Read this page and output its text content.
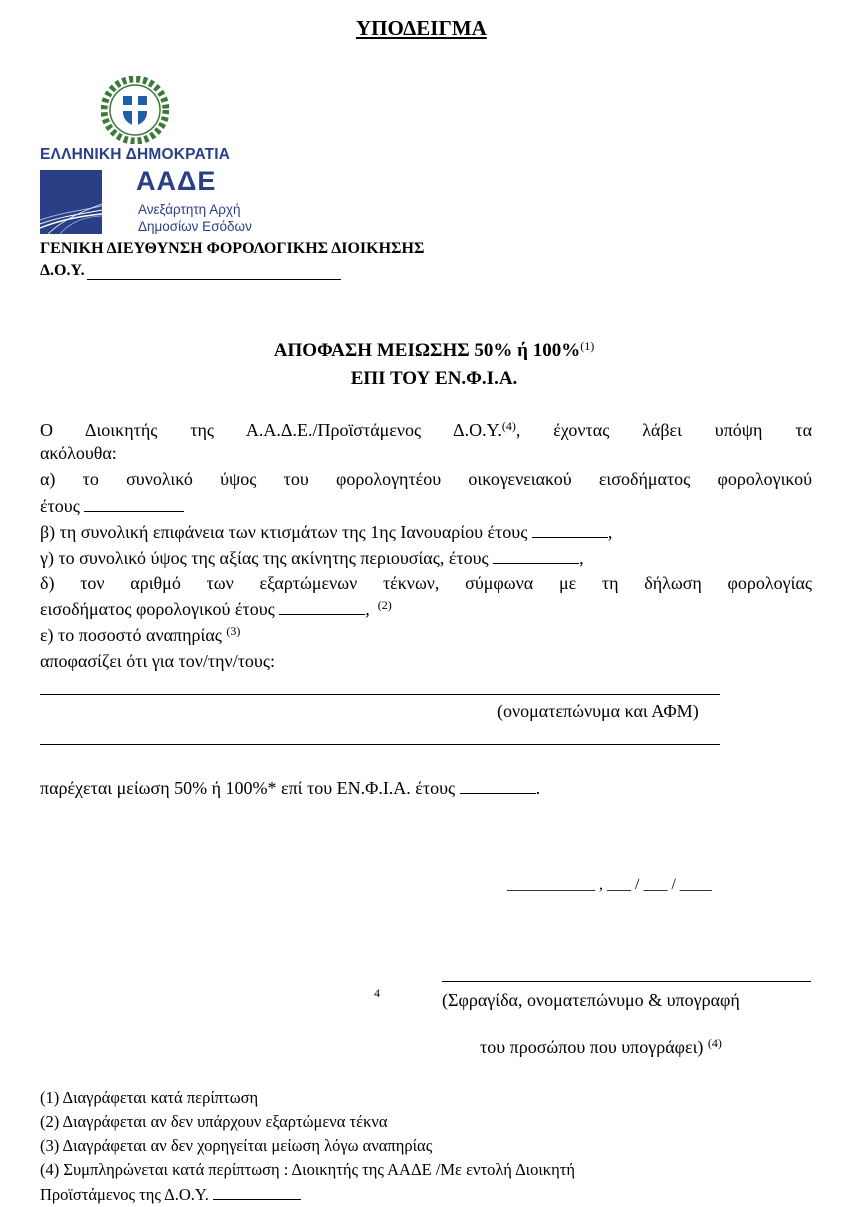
ΥΠΟΔΕΙΓΜΑ
ΕΛΛΗΝΙΚΗ ΔΗΜΟΚΡΑΤΙΑ
ΑΑΔΕ
Ανεξάρτητη Αρχή
Δημοσίων Εσόδων
ΓΕΝΙΚΗ ΔΙΕΥΘΥΝΣΗ ΦΟΡΟΛΟΓΙΚΗΣ ΔΙΟΙΚΗΣΗΣ
Δ.Ο.Υ.
ΑΠΟΦΑΣΗ ΜΕΙΩΣΗΣ 50% ή 100%$^{(1)}$
ΕΠΙ ΤΟΥ ΕΝ.Φ.Ι.Α.
Ο Διοικητής της Α.Α.Δ.Ε./Προϊστάμενος Δ.Ο.Υ.$^{(4)}$, έχοντας λάβει υπόψη τα
ακόλουθα:
α) το συνολικό ύψος του φορολογητέου οικογενειακού εισοδήματος φορολογικού
έτους
β) τη συνολική επιφάνεια των κτισμάτων της 1ης Ιανουαρίου έτους	,
γ) το συνολικό ύψος της αξίας της ακίνητης περιουσίας, έτους	,
δ) τον αριθμό των εξαρτώμενων τέκνων, σύμφωνα με τη δήλωση φορολογίας
εισοδήματος φορολογικού έτους	, $^{(2)}$
ε) το ποσοστό αναπηρίας $^{(3)}$
αποφασίζει ότι για τον/την/τους:
(ονοματεπώνυμα και ΑΦΜ)
παρέχεται μείωση 50% ή 100%* επί του ΕΝ.Φ.Ι.Α. έτους	.
___________ , ___ / ___ / ____
4	(Σφραγίδα, ονοματεπώνυμο & υπογραφή
του προσώπου που υπογράφει) $^{(4)}$
(1) Διαγράφεται κατά περίπτωση
(2) Διαγράφεται αν δεν υπάρχουν εξαρτώμενα τέκνα
(3) Διαγράφεται αν δεν χορηγείται μείωση λόγω αναπηρίας
(4) Συμπληρώνεται κατά περίπτωση : Διοικητής της ΑΑΔΕ /Με εντολή Διοικητή
Προϊστάμενος της Δ.Ο.Υ.
